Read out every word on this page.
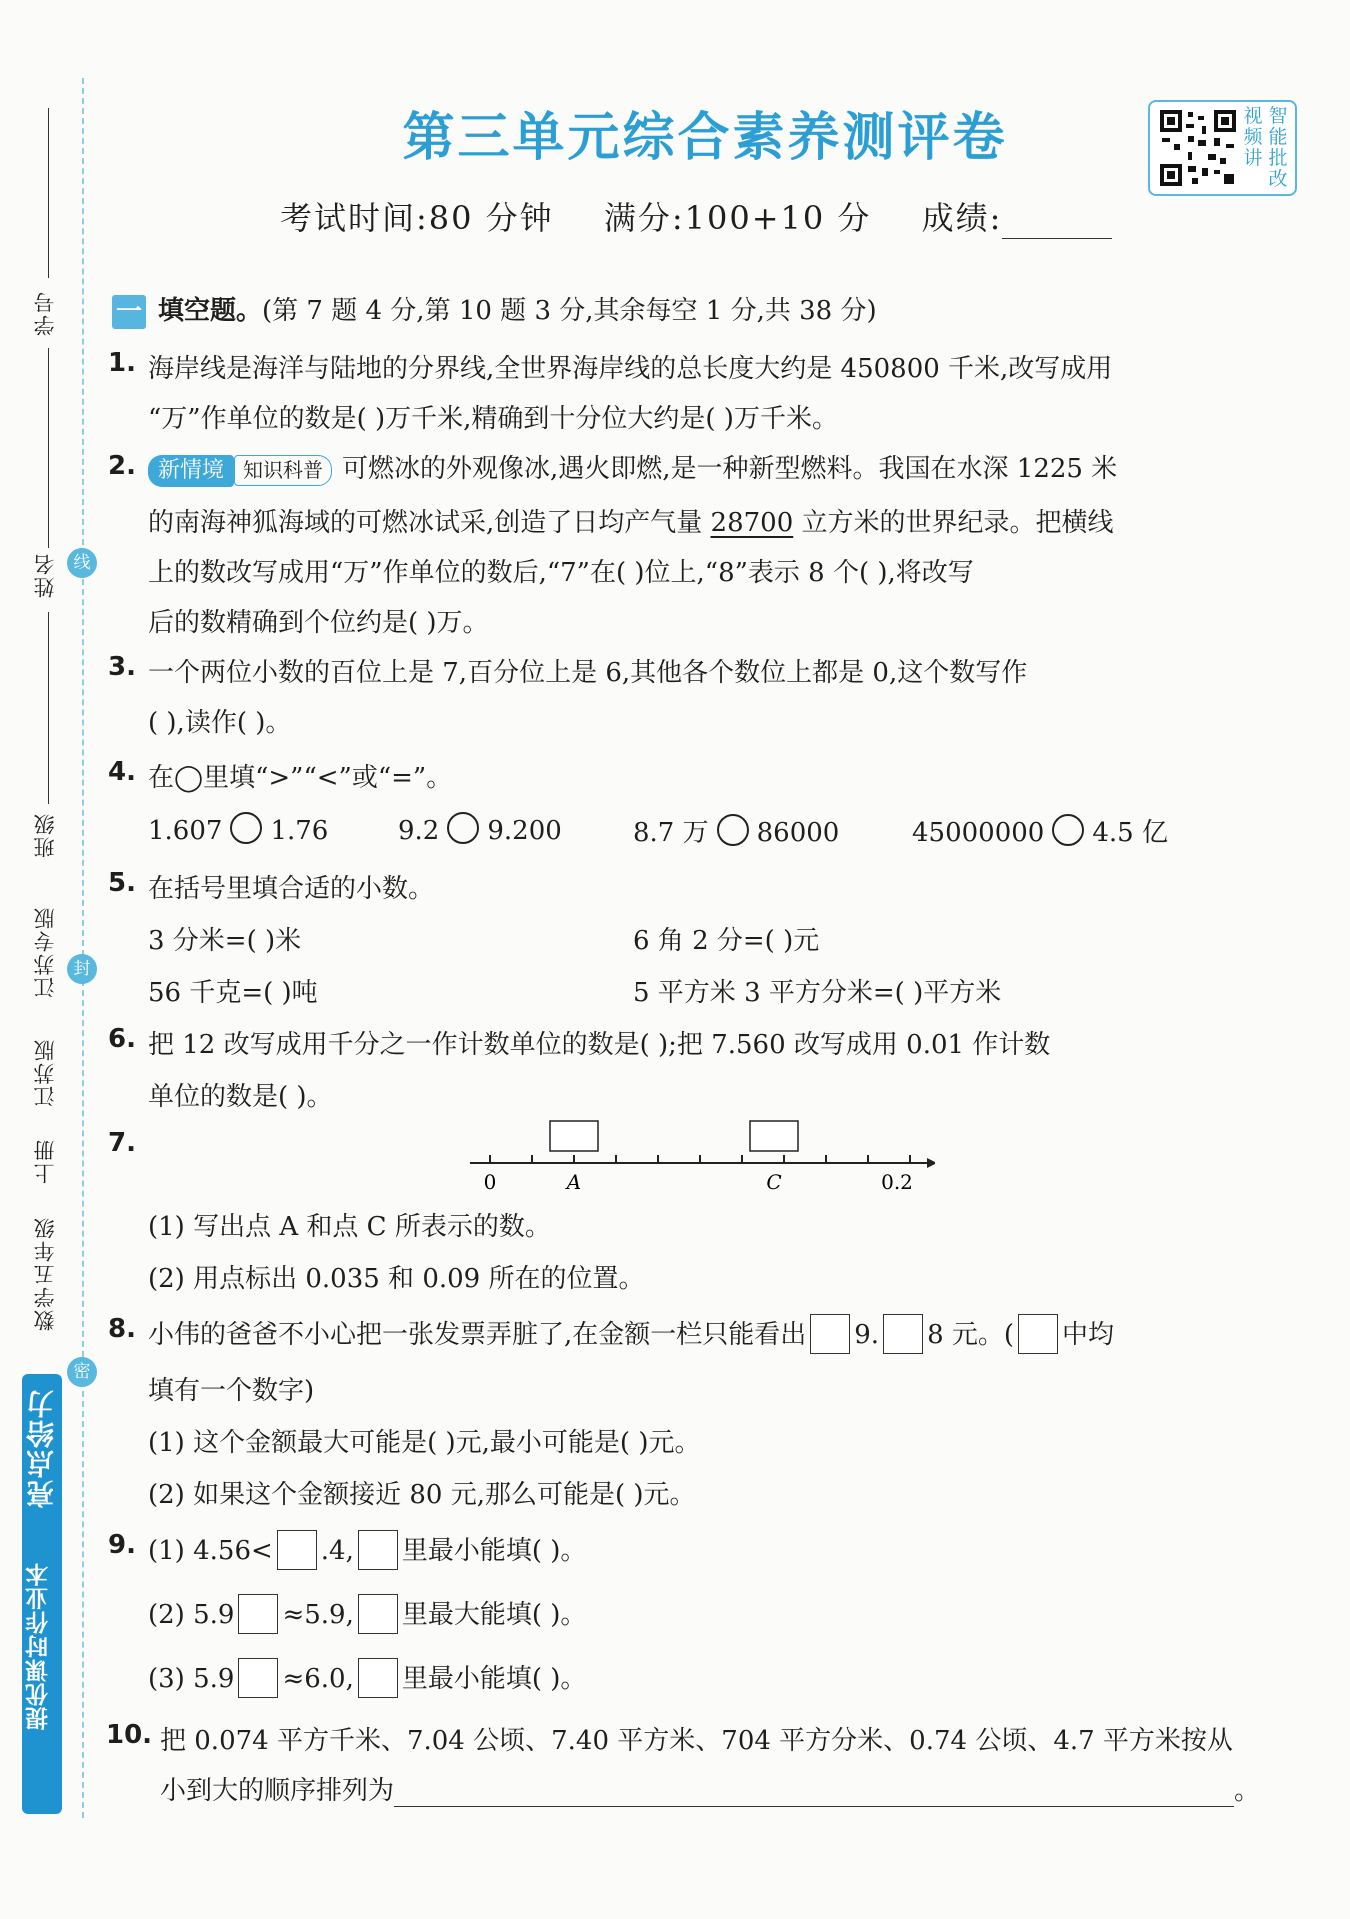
学号
姓名
班级
线
封
密
江苏专版
江苏版
上册
数学五年级
亮点给力
提优课时作业本
第三单元综合素养测评卷	视频讲
智能批改
考试时间:80 分钟 满分:100+10 分 成绩:
一 填空题。(第 7 题 4 分,第 10 题 3 分,其余每空 1 分,共 38 分)
1. 海岸线是海洋与陆地的分界线,全世界海岸线的总长度大约是 450800 千米,改写成用
“万”作单位的数是( )万千米,精确到十分位大约是( )万千米。
2.	新情境 知识科普 可燃冰的外观像冰,遇火即燃,是一种新型燃料。我国在水深 1225 米
的南海神狐海域的可燃冰试采,创造了日均产气量 28700 立方米的世界纪录。把横线
上的数改写成用“万”作单位的数后,“7”在( )位上,“8”表示 8 个( ),将改写
后的数精确到个位约是( )万。
3. 一个两位小数的百位上是 7,百分位上是 6,其他各个数位上都是 0,这个数写作
( ),读作( )。
4. 在◯里填“>”“<”或“=”。
1.607 1.76	9.2 9.200	8.7 万 86000	45000000 4.5 亿
5. 在括号里填合适的小数。
3 分米=( )米	6 角 2 分=( )元
56 千克=( )吨	5 平方米 3 平方分米=( )平方米
6. 把 12 改写成用千分之一作计数单位的数是( );把 7.560 改写成用 0.01 作计数
单位的数是( )。
7.
0	A	C	0.2
(1) 写出点 A 和点 C 所表示的数。
(2) 用点标出 0.035 和 0.09 所在的位置。
8. 小伟的爸爸不小心把一张发票弄脏了,在金额一栏只能看出 9. 8 元。( 中均
填有一个数字)
(1) 这个金额最大可能是( )元,最小可能是( )元。
(2) 如果这个金额接近 80 元,那么可能是( )元。
9. (1) 4.56< .4, 里最小能填( )。
(2) 5.9 ≈5.9, 里最大能填( )。
(3) 5.9 ≈6.0, 里最小能填( )。
10. 把 0.074 平方千米、7.04 公顷、7.40 平方米、704 平方分米、0.74 公顷、4.7 平方米按从
小到大的顺序排列为	。
